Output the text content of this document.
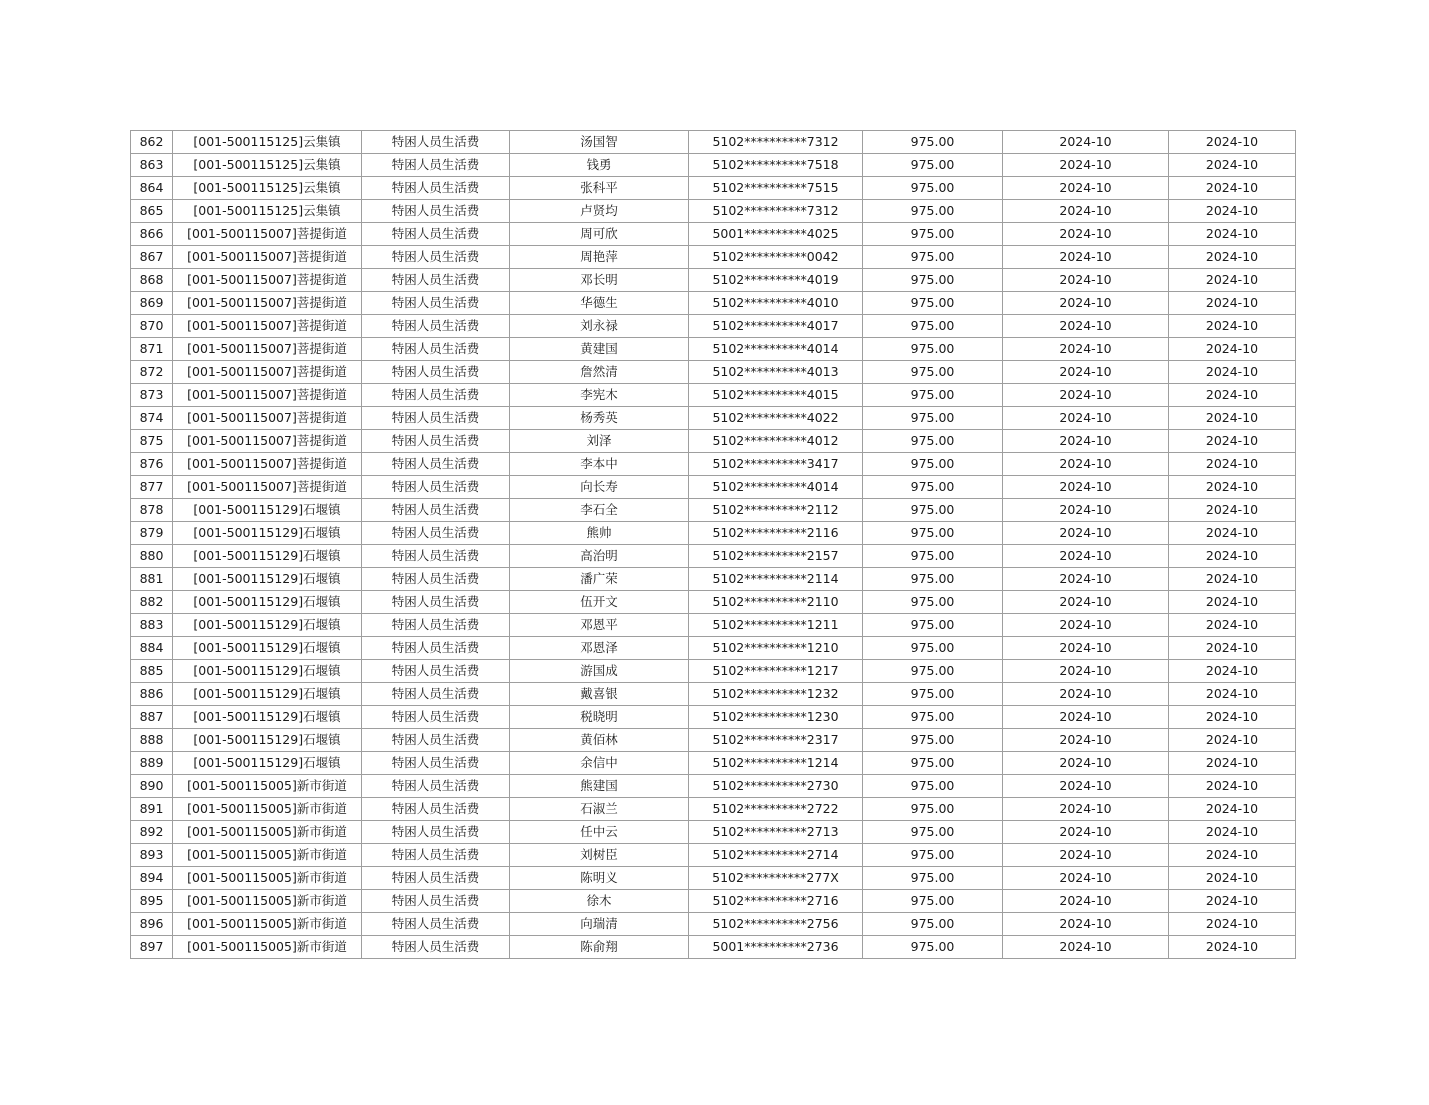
862	[001-500115125]云集镇	特困人员生活费	汤国智	5102**********7312	975.00	2024-10	2024-10
863	[001-500115125]云集镇	特困人员生活费	钱勇	5102**********7518	975.00	2024-10	2024-10
864	[001-500115125]云集镇	特困人员生活费	张科平	5102**********7515	975.00	2024-10	2024-10
865	[001-500115125]云集镇	特困人员生活费	卢贤均	5102**********7312	975.00	2024-10	2024-10
866	[001-500115007]菩提街道	特困人员生活费	周可欣	5001**********4025	975.00	2024-10	2024-10
867	[001-500115007]菩提街道	特困人员生活费	周艳萍	5102**********0042	975.00	2024-10	2024-10
868	[001-500115007]菩提街道	特困人员生活费	邓长明	5102**********4019	975.00	2024-10	2024-10
869	[001-500115007]菩提街道	特困人员生活费	华德生	5102**********4010	975.00	2024-10	2024-10
870	[001-500115007]菩提街道	特困人员生活费	刘永禄	5102**********4017	975.00	2024-10	2024-10
871	[001-500115007]菩提街道	特困人员生活费	黄建国	5102**********4014	975.00	2024-10	2024-10
872	[001-500115007]菩提街道	特困人员生活费	詹然清	5102**********4013	975.00	2024-10	2024-10
873	[001-500115007]菩提街道	特困人员生活费	李宪木	5102**********4015	975.00	2024-10	2024-10
874	[001-500115007]菩提街道	特困人员生活费	杨秀英	5102**********4022	975.00	2024-10	2024-10
875	[001-500115007]菩提街道	特困人员生活费	刘泽	5102**********4012	975.00	2024-10	2024-10
876	[001-500115007]菩提街道	特困人员生活费	李本中	5102**********3417	975.00	2024-10	2024-10
877	[001-500115007]菩提街道	特困人员生活费	向长寿	5102**********4014	975.00	2024-10	2024-10
878	[001-500115129]石堰镇	特困人员生活费	李石全	5102**********2112	975.00	2024-10	2024-10
879	[001-500115129]石堰镇	特困人员生活费	熊帅	5102**********2116	975.00	2024-10	2024-10
880	[001-500115129]石堰镇	特困人员生活费	高治明	5102**********2157	975.00	2024-10	2024-10
881	[001-500115129]石堰镇	特困人员生活费	潘广荣	5102**********2114	975.00	2024-10	2024-10
882	[001-500115129]石堰镇	特困人员生活费	伍开文	5102**********2110	975.00	2024-10	2024-10
883	[001-500115129]石堰镇	特困人员生活费	邓恩平	5102**********1211	975.00	2024-10	2024-10
884	[001-500115129]石堰镇	特困人员生活费	邓恩泽	5102**********1210	975.00	2024-10	2024-10
885	[001-500115129]石堰镇	特困人员生活费	游国成	5102**********1217	975.00	2024-10	2024-10
886	[001-500115129]石堰镇	特困人员生活费	戴喜银	5102**********1232	975.00	2024-10	2024-10
887	[001-500115129]石堰镇	特困人员生活费	税晓明	5102**********1230	975.00	2024-10	2024-10
888	[001-500115129]石堰镇	特困人员生活费	黄佰林	5102**********2317	975.00	2024-10	2024-10
889	[001-500115129]石堰镇	特困人员生活费	余信中	5102**********1214	975.00	2024-10	2024-10
890	[001-500115005]新市街道	特困人员生活费	熊建国	5102**********2730	975.00	2024-10	2024-10
891	[001-500115005]新市街道	特困人员生活费	石淑兰	5102**********2722	975.00	2024-10	2024-10
892	[001-500115005]新市街道	特困人员生活费	任中云	5102**********2713	975.00	2024-10	2024-10
893	[001-500115005]新市街道	特困人员生活费	刘树臣	5102**********2714	975.00	2024-10	2024-10
894	[001-500115005]新市街道	特困人员生活费	陈明义	5102**********277X	975.00	2024-10	2024-10
895	[001-500115005]新市街道	特困人员生活费	徐木	5102**********2716	975.00	2024-10	2024-10
896	[001-500115005]新市街道	特困人员生活费	向瑞清	5102**********2756	975.00	2024-10	2024-10
897	[001-500115005]新市街道	特困人员生活费	陈俞翔	5001**********2736	975.00	2024-10	2024-10
